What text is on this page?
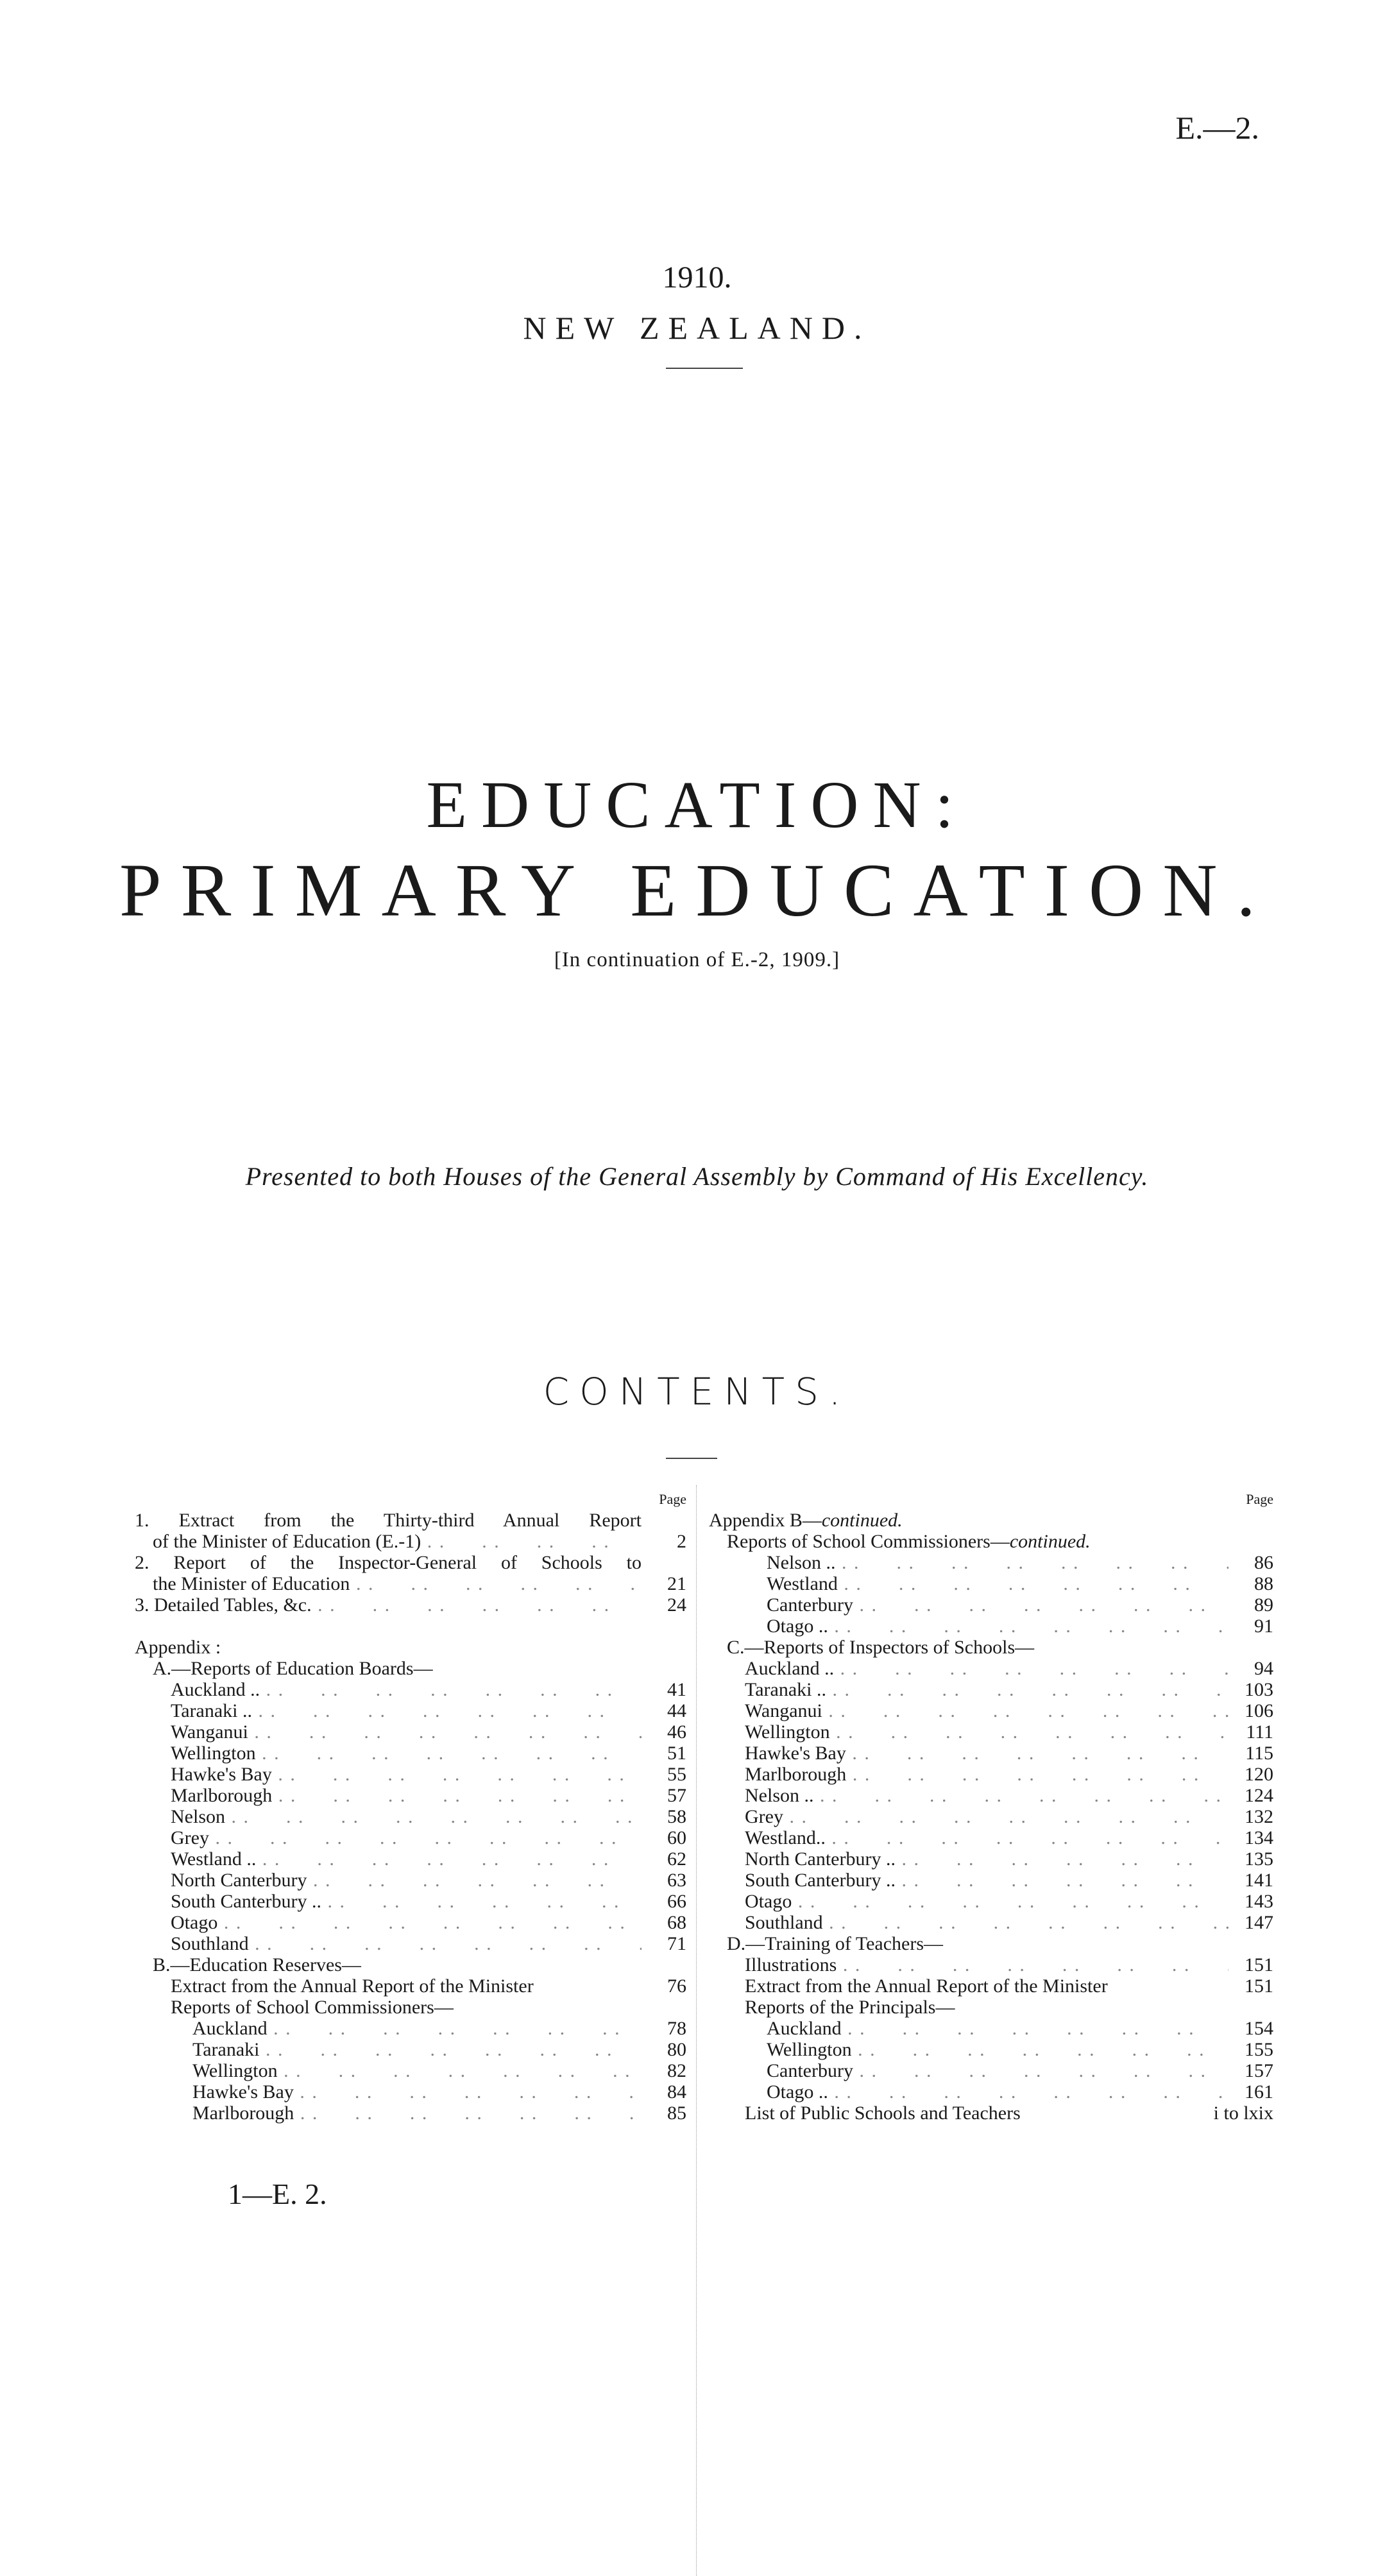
E.—2.
1910.
NEW ZEALAND.
EDUCATION:
PRIMARY EDUCATION.
[In continuation of E.-2, 1909.]
Presented to both Houses of the General Assembly by Command of His Excellency.
CONTENTS.
Page
1. Extract from the Thirty-third Annual Report
of the Minister of Education (E.-1) . .	2
2. Report of the Inspector-General of Schools to
the Minister of Education . .	21
3. Detailed Tables, &c. . .	24
Appendix :
A.—Reports of Education Boards—
Auckland .. . .	41
Taranaki .. . .	44
Wanganui . .	46
Wellington . .	51
Hawke's Bay . .	55
Marlborough . .	57
Nelson . .	58
Grey . .	60
Westland .. . .	62
North Canterbury . .	63
South Canterbury .. . .	66
Otago . .	68
Southland . .	71
B.—Education Reserves—
Extract from the Annual Report of the Minister	76
Reports of School Commissioners—
Auckland . .	78
Taranaki . .	80
Wellington . .	82
Hawke's Bay . .	84
Marlborough . .	85
Page
Appendix B—continued.
Reports of School Commissioners—continued.
Nelson .. . .	86
Westland . .	88
Canterbury . .	89
Otago .. . .	91
C.—Reports of Inspectors of Schools—
Auckland .. . .	94
Taranaki .. . .	103
Wanganui . .	106
Wellington . .	111
Hawke's Bay . .	115
Marlborough . .	120
Nelson .. . .	124
Grey . .	132
Westland.. . .	134
North Canterbury .. . .	135
South Canterbury .. . .	141
Otago . .	143
Southland . .	147
D.—Training of Teachers—
Illustrations . .	151
Extract from the Annual Report of the Minister	151
Reports of the Principals—
Auckland . .	154
Wellington . .	155
Canterbury . .	157
Otago .. . .	161
List of Public Schools and Teachers	i to lxix
1—E. 2.
